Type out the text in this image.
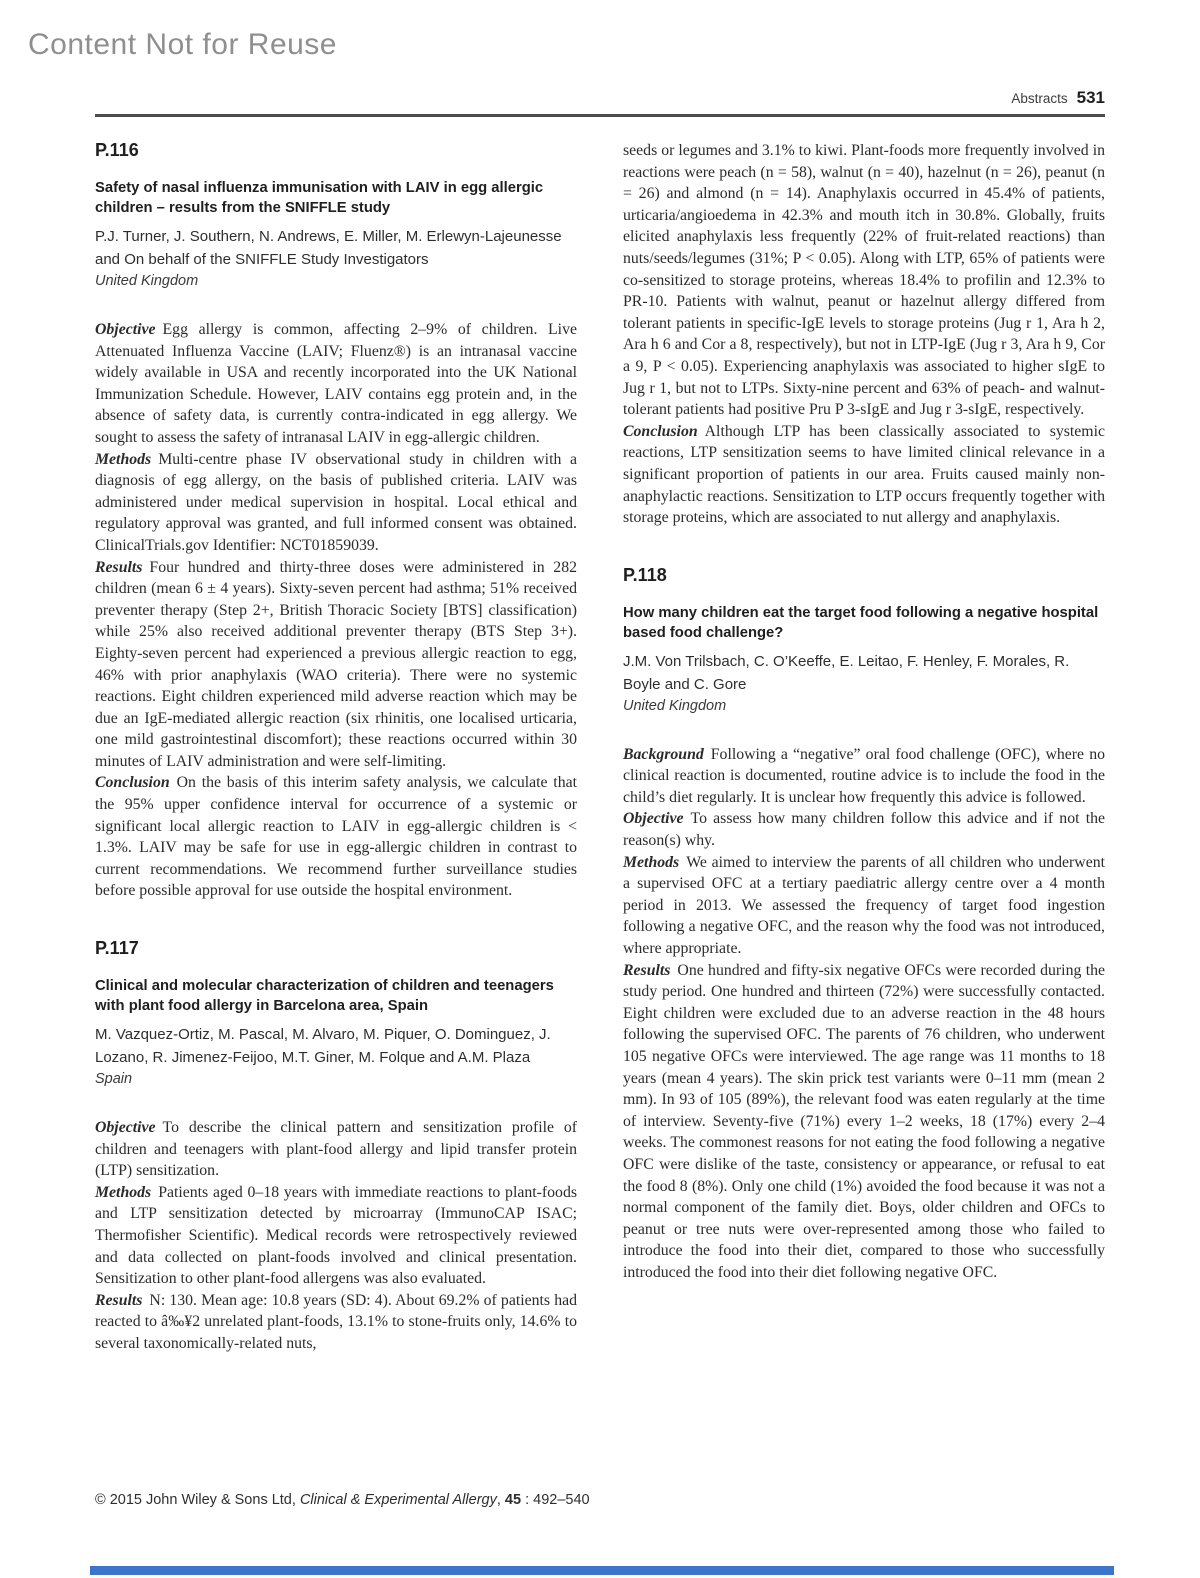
Content Not for Reuse
Abstracts 531
P.116
Safety of nasal influenza immunisation with LAIV in egg allergic children – results from the SNIFFLE study

P.J. Turner, J. Southern, N. Andrews, E. Miller, M. Erlewyn-Lajeunesse and On behalf of the SNIFFLE Study Investigators

United Kingdom

Objective Egg allergy is common, affecting 2–9% of children. Live Attenuated Influenza Vaccine (LAIV; Fluenz®) is an intranasal vaccine widely available in USA and recently incorporated into the UK National Immunization Schedule. However, LAIV contains egg protein and, in the absence of safety data, is currently contra-indicated in egg allergy. We sought to assess the safety of intranasal LAIV in egg-allergic children.

Methods Multi-centre phase IV observational study in children with a diagnosis of egg allergy, on the basis of published criteria. LAIV was administered under medical supervision in hospital. Local ethical and regulatory approval was granted, and full informed consent was obtained. ClinicalTrials.gov Identifier: NCT01859039.

Results Four hundred and thirty-three doses were administered in 282 children (mean 6 ± 4 years). Sixty-seven percent had asthma; 51% received preventer therapy (Step 2+, British Thoracic Society [BTS] classification) while 25% also received additional preventer therapy (BTS Step 3+). Eighty-seven percent had experienced a previous allergic reaction to egg, 46% with prior anaphylaxis (WAO criteria). There were no systemic reactions. Eight children experienced mild adverse reaction which may be due an IgE-mediated allergic reaction (six rhinitis, one localised urticaria, one mild gastrointestinal discomfort); these reactions occurred within 30 minutes of LAIV administration and were self-limiting.

Conclusion On the basis of this interim safety analysis, we calculate that the 95% upper confidence interval for occurrence of a systemic or significant local allergic reaction to LAIV in egg-allergic children is < 1.3%. LAIV may be safe for use in egg-allergic children in contrast to current recommendations. We recommend further surveillance studies before possible approval for use outside the hospital environment.

P.117
Clinical and molecular characterization of children and teenagers with plant food allergy in Barcelona area, Spain

M. Vazquez-Ortiz, M. Pascal, M. Alvaro, M. Piquer, O. Dominguez, J. Lozano, R. Jimenez-Feijoo, M.T. Giner, M. Folque and A.M. Plaza

Spain

Objective To describe the clinical pattern and sensitization profile of children and teenagers with plant-food allergy and lipid transfer protein (LTP) sensitization.

Methods Patients aged 0–18 years with immediate reactions to plant-foods and LTP sensitization detected by microarray (ImmunoCAP ISAC; Thermofisher Scientific). Medical records were retrospectively reviewed and data collected on plant-foods involved and clinical presentation. Sensitization to other plant-food allergens was also evaluated.

Results N: 130. Mean age: 10.8 years (SD: 4). About 69.2% of patients had reacted to â‰¥2 unrelated plant-foods, 13.1% to stone-fruits only, 14.6% to several taxonomically-related nuts,

seeds or legumes and 3.1% to kiwi. Plant-foods more frequently involved in reactions were peach (n = 58), walnut (n = 40), hazelnut (n = 26), peanut (n = 26) and almond (n = 14). Anaphylaxis occurred in 45.4% of patients, urticaria/angioedema in 42.3% and mouth itch in 30.8%. Globally, fruits elicited anaphylaxis less frequently (22% of fruit-related reactions) than nuts/seeds/legumes (31%; P < 0.05). Along with LTP, 65% of patients were co-sensitized to storage proteins, whereas 18.4% to profilin and 12.3% to PR-10. Patients with walnut, peanut or hazelnut allergy differed from tolerant patients in specific-IgE levels to storage proteins (Jug r 1, Ara h 2, Ara h 6 and Cor a 8, respectively), but not in LTP-IgE (Jug r 3, Ara h 9, Cor a 9, P < 0.05). Experiencing anaphylaxis was associated to higher sIgE to Jug r 1, but not to LTPs. Sixty-nine percent and 63% of peach- and walnut-tolerant patients had positive Pru P 3-sIgE and Jug r 3-sIgE, respectively.

Conclusion Although LTP has been classically associated to systemic reactions, LTP sensitization seems to have limited clinical relevance in a significant proportion of patients in our area. Fruits caused mainly non-anaphylactic reactions. Sensitization to LTP occurs frequently together with storage proteins, which are associated to nut allergy and anaphylaxis.

P.118
How many children eat the target food following a negative hospital based food challenge?

J.M. Von Trilsbach, C. O’Keeffe, E. Leitao, F. Henley, F. Morales, R. Boyle and C. Gore

United Kingdom

Background Following a “negative” oral food challenge (OFC), where no clinical reaction is documented, routine advice is to include the food in the child’s diet regularly. It is unclear how frequently this advice is followed.

Objective To assess how many children follow this advice and if not the reason(s) why.

Methods We aimed to interview the parents of all children who underwent a supervised OFC at a tertiary paediatric allergy centre over a 4 month period in 2013. We assessed the frequency of target food ingestion following a negative OFC, and the reason why the food was not introduced, where appropriate.

Results One hundred and fifty-six negative OFCs were recorded during the study period. One hundred and thirteen (72%) were successfully contacted. Eight children were excluded due to an adverse reaction in the 48 hours following the supervised OFC. The parents of 76 children, who underwent 105 negative OFCs were interviewed. The age range was 11 months to 18 years (mean 4 years). The skin prick test variants were 0–11 mm (mean 2 mm). In 93 of 105 (89%), the relevant food was eaten regularly at the time of interview. Seventy-five (71%) every 1–2 weeks, 18 (17%) every 2–4 weeks. The commonest reasons for not eating the food following a negative OFC were dislike of the taste, consistency or appearance, or refusal to eat the food 8 (8%). Only one child (1%) avoided the food because it was not a normal component of the family diet. Boys, older children and OFCs to peanut or tree nuts were over-represented among those who failed to introduce the food into their diet, compared to those who successfully introduced the food into their diet following negative OFC.

© 2015 John Wiley & Sons Ltd, Clinical & Experimental Allergy, 45 : 492–540
